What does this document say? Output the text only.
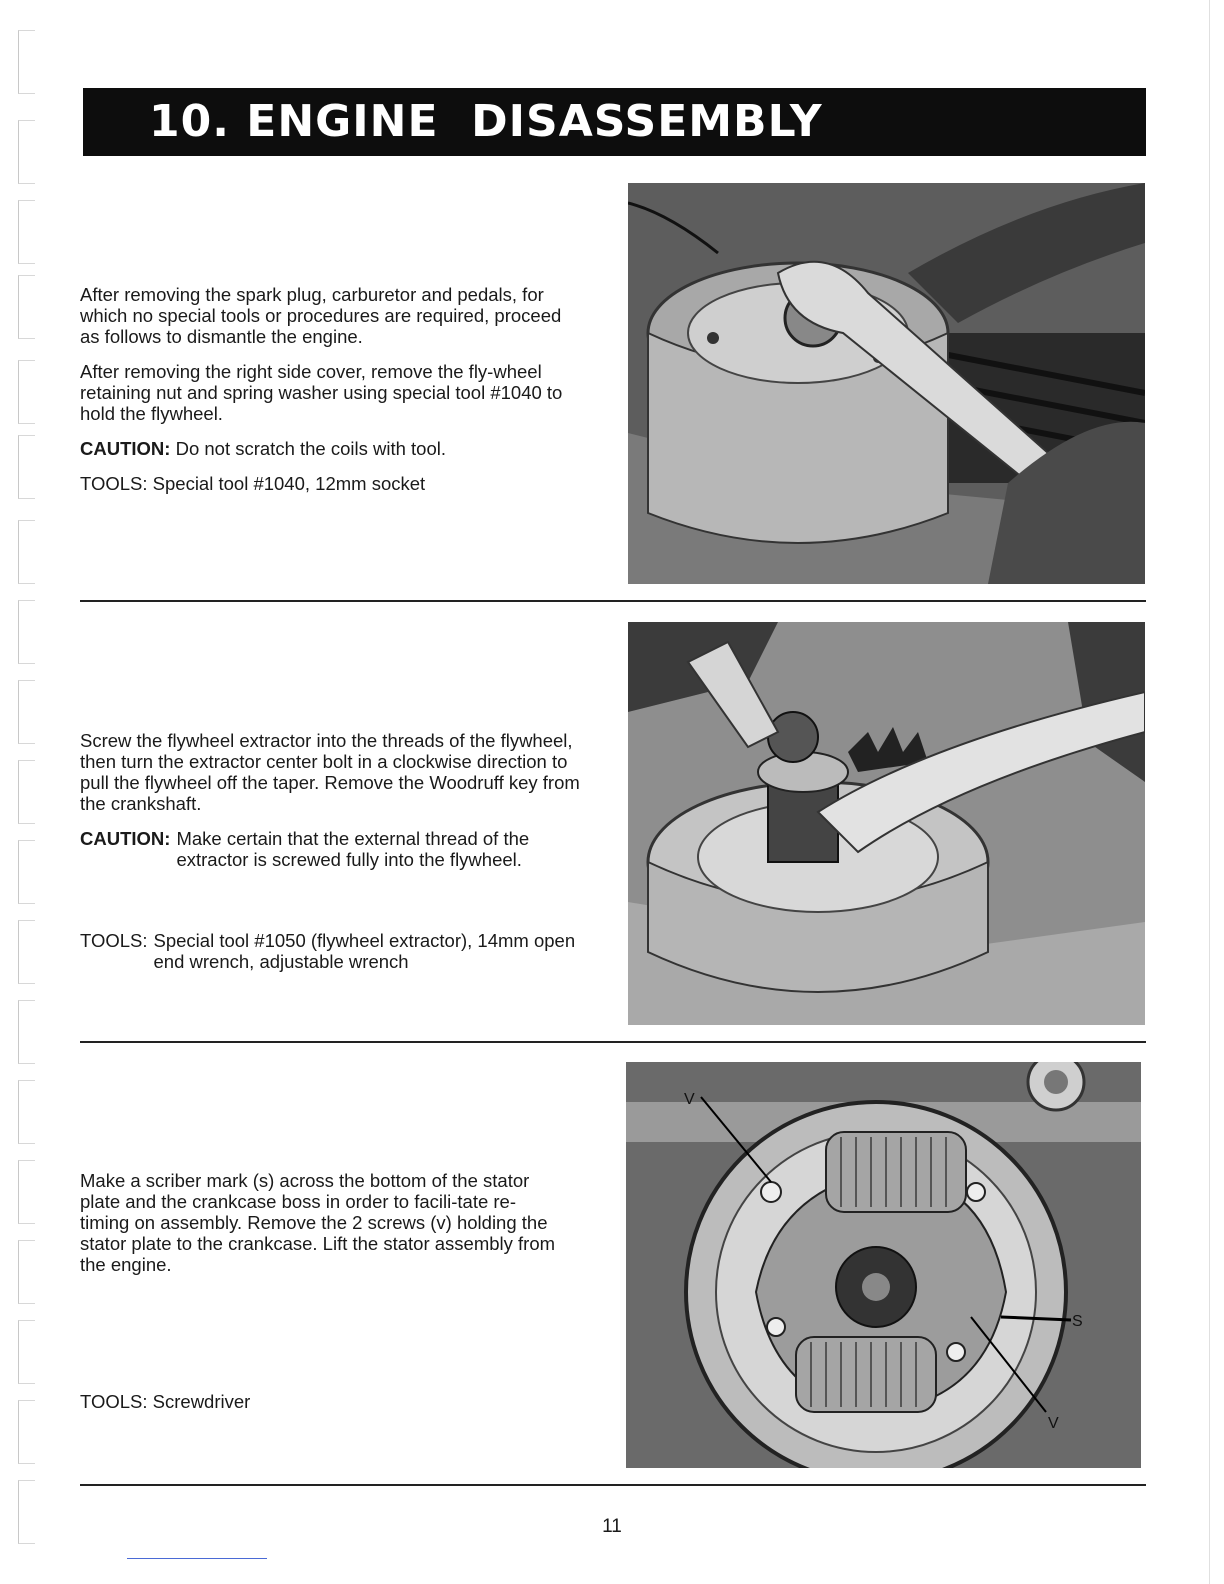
10. ENGINE  DISASSEMBLY

After removing the spark plug, carburetor and pedals, for which no special tools or procedures are required, proceed as follows to dismantle the engine.

After removing the right side cover, remove the fly-wheel retaining nut and spring washer using special tool #1040 to hold the flywheel.

CAUTION: Do not scratch the coils with tool.

TOOLS: Special tool #1040, 12mm socket

Screw the flywheel extractor into the threads of the flywheel, then turn the extractor center bolt in a clockwise direction to pull the flywheel off the taper. Remove the Woodruff key from the crankshaft.

CAUTION: Make certain that the external thread of the extractor is screwed fully into the flywheel.
TOOLS: Special tool #1050 (flywheel extractor), 14mm open end wrench, adjustable wrench

Make a scriber mark (s) across the bottom of the stator plate and the crankcase boss in order to facili-tate re-timing on assembly. Remove the 2 screws (v) holding the stator plate to the crankcase. Lift the stator assembly from the engine.

TOOLS: Screwdriver

V
S
V
11
